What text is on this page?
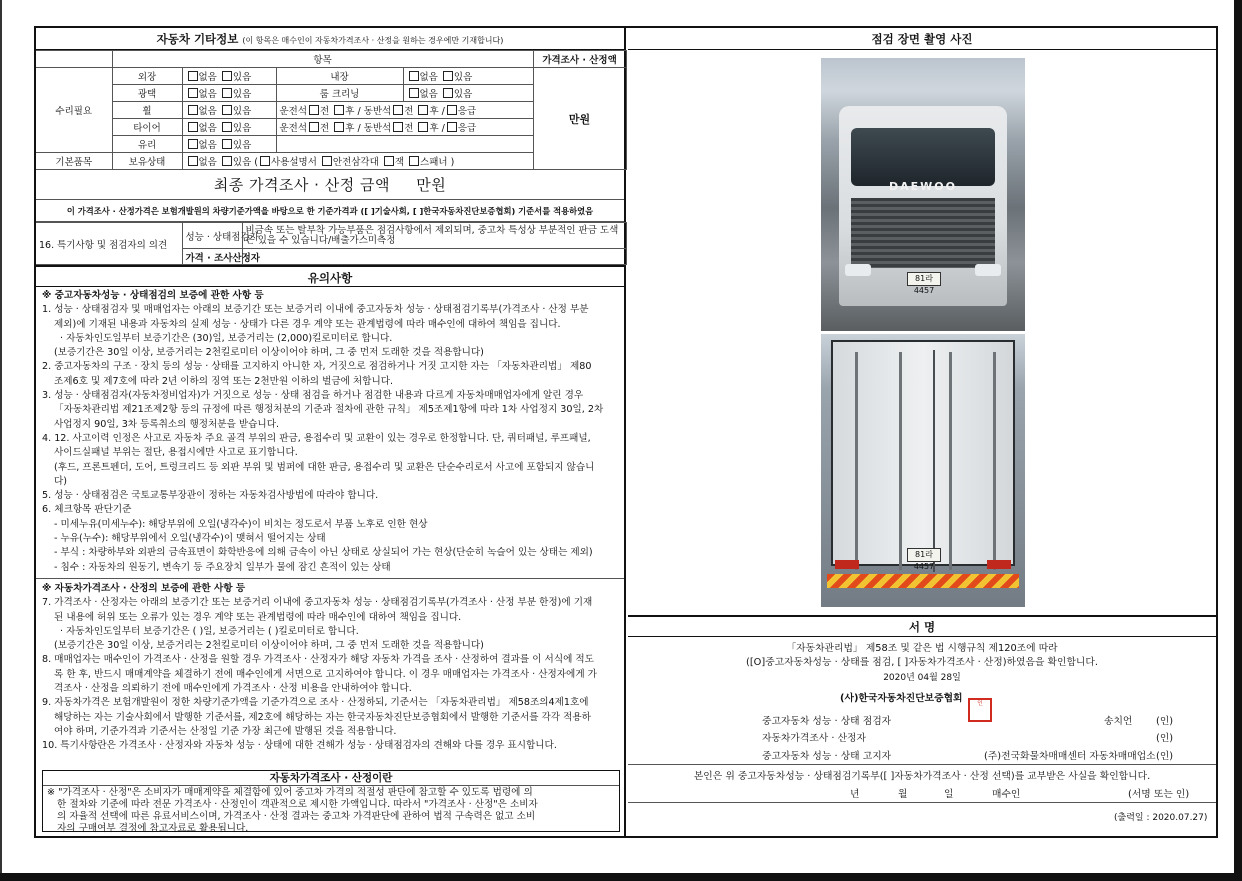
자동차 기타정보 (이 항목은 매수인이 자동차가격조사 · 산정을 원하는 경우에만 기재합니다)
	항목				가격조사 · 산정액
수리필요	외장	없음 있음	내장	없음 있음	만원
	광택	없음 있음	룸 크리닝	없음 있음	
	휠	없음 있음	운전석 전 후 / 동반석 전 후 / 응급		
	타이어	없음 있음	운전석 전 후 / 동반석 전 후 / 응급		
	유리	없음 있음			
기본품목	보유상태	없음 있음 ( 사용설명서 안전삼각대 잭 스패너 )			
최종 가격조사 · 산정 금액 만원
이 가격조사 · 산정가격은 보험개발원의 차량기준가액을 바탕으로 한 기준가격과 ([ ]기술사회, [ ]한국자동차진단보증협회) 기준서를 적용하였음
16. 특기사항 및 점검자의 의견	성능 · 상태점검자	비금속 또는 탈부착 가능부품은 점검사항에서 제외되며, 중고차 특성상 부분적인 판금 도색은 있을 수 있습니다/배출가스미측정
	가격 · 조사산정자	
유의사항

※ 중고자동차성능 · 상태점검의 보증에 관한 사항 등

1. 성능 · 상태점검자 및 매매업자는 아래의 보증기간 또는 보증거리 이내에 중고자동차 성능 · 상태점검기록부(가격조사 · 산정 부분

제외)에 기재된 내용과 자동차의 실제 성능 · 상태가 다른 경우 계약 또는 관계법령에 따라 매수인에 대하여 책임을 집니다.

· 자동차인도일부터 보증기간은 (30)일, 보증거리는 (2,000)킬로미터로 합니다.

(보증기간은 30일 이상, 보증거리는 2천킬로미터 이상이어야 하며, 그 중 먼저 도래한 것을 적용합니다)

2. 중고자동차의 구조 · 장치 등의 성능 · 상태를 고지하지 아니한 자, 거짓으로 점검하거나 거짓 고지한 자는 「자동차관리법」 제80

조제6호 및 제7호에 따라 2년 이하의 징역 또는 2천만원 이하의 벌금에 처합니다.

3. 성능 · 상태점검자(자동차정비업자)가 거짓으로 성능 · 상태 점검을 하거나 점검한 내용과 다르게 자동차매매업자에게 알린 경우

「자동차관리법 제21조제2항 등의 규정에 따른 행정처분의 기준과 절차에 관한 규칙」 제5조제1항에 따라 1차 사업정지 30일, 2차

사업정지 90일, 3차 등록취소의 행정처분을 받습니다.

4. 12. 사고이력 인정은 사고로 자동차 주요 골격 부위의 판금, 용접수리 및 교환이 있는 경우로 한정합니다. 단, 쿼터패널, 루프패널,

사이드실패널 부위는 절단, 용접시에만 사고로 표기합니다.

(후드, 프론트펜더, 도어, 트렁크리드 등 외판 부위 및 범퍼에 대한 판금, 용접수리 및 교환은 단순수리로서 사고에 포함되지 않습니

다)

5. 성능 · 상태점검은 국토교통부장관이 정하는 자동차검사방법에 따라야 합니다.

6. 체크항목 판단기준

- 미세누유(미세누수): 해당부위에 오일(냉각수)이 비치는 정도로서 부품 노후로 인한 현상

- 누유(누수): 해당부위에서 오일(냉각수)이 맺혀서 떨어지는 상태

- 부식 : 차량하부와 외판의 금속표면이 화학반응에 의해 금속이 아닌 상태로 상실되어 가는 현상(단순히 녹슬어 있는 상태는 제외)

- 침수 : 자동차의 원동기, 변속기 등 주요장치 일부가 물에 잠긴 흔적이 있는 상태

※ 자동차가격조사 · 산정의 보증에 관한 사항 등

7. 가격조사 · 산정자는 아래의 보증기간 또는 보증거리 이내에 중고자동차 성능 · 상태점검기록부(가격조사 · 산정 부분 한정)에 기재

된 내용에 허위 또는 오류가 있는 경우 계약 또는 관계법령에 따라 매수인에 대하여 책임을 집니다.

· 자동차인도일부터 보증기간은 ( )일, 보증거리는 ( )킬로미터로 합니다.

(보증기간은 30일 이상, 보증거리는 2천킬로미터 이상이어야 하며, 그 중 먼저 도래한 것을 적용합니다)

8. 매매업자는 매수인이 가격조사 · 산정을 원할 경우 가격조사 · 산정자가 해당 자동차 가격을 조사 · 산정하여 결과를 이 서식에 적도

록 한 후, 반드시 매매계약을 체결하기 전에 매수인에게 서면으로 고지하여야 합니다. 이 경우 매매업자는 가격조사 · 산정자에게 가

격조사 · 산정을 의뢰하기 전에 매수인에게 가격조사 · 산정 비용을 안내하여야 합니다.

9. 자동차가격은 보험개발원이 정한 차량기준가액을 기준가격으로 조사 · 산정하되, 기준서는 「자동차관리법」 제58조의4제1호에

해당하는 자는 기술사회에서 발행한 기준서를, 제2호에 해당하는 자는 한국자동차진단보증협회에서 발행한 기준서를 각각 적용하

여야 하며, 기준가격과 기준서는 산정일 기준 가장 최근에 발행된 것을 적용합니다.

10. 특기사항란은 가격조사 · 산정자와 자동차 성능 · 상태에 대한 견해가 성능 · 상태점검자의 견해와 다를 경우 표시합니다.

자동차가격조사 · 산정이란

※ "가격조사 · 산정"은 소비자가 매매계약을 체결함에 있어 중고차 가격의 적절성 판단에 참고할 수 있도록 법령에 의

한 절차와 기준에 따라 전문 가격조사 · 산정인이 객관적으로 제시한 가액입니다. 따라서 "가격조사 · 산정"은 소비자

의 자율적 선택에 따른 유료서비스이며, 가격조사 · 산정 결과는 중고차 가격판단에 관하여 법적 구속력은 없고 소비

자의 구매여부 결정에 참고자료로 활용됩니다.

점검 장면 촬영 사진
DAEWOO
81라4457
81라4457
서 명
「자동차관리법」 제58조 및 같은 법 시행규칙 제120조에 따라
([O]중고자동차성능 · 상태를 점검, [ ]자동차가격조사 · 산정)하였음을 확인합니다.
2020년 04월 28일
(사)한국자동차진단보증협회	인
중고자동차 성능 · 상태 점검자	송치언 (인)
자동차가격조사 · 산정자	(인)
중고자동차 성능 · 상태 고지자	(주)전국화물차매매센터 자동차매매업소 (인)
본인은 위 중고자동차성능 · 상태점검기록부([ ]자동차가격조사 · 산정 선택)를 교부받은 사실을 확인합니다.
년	월	일	매수인	(서명 또는 인)
(출력일 : 2020.07.27)
